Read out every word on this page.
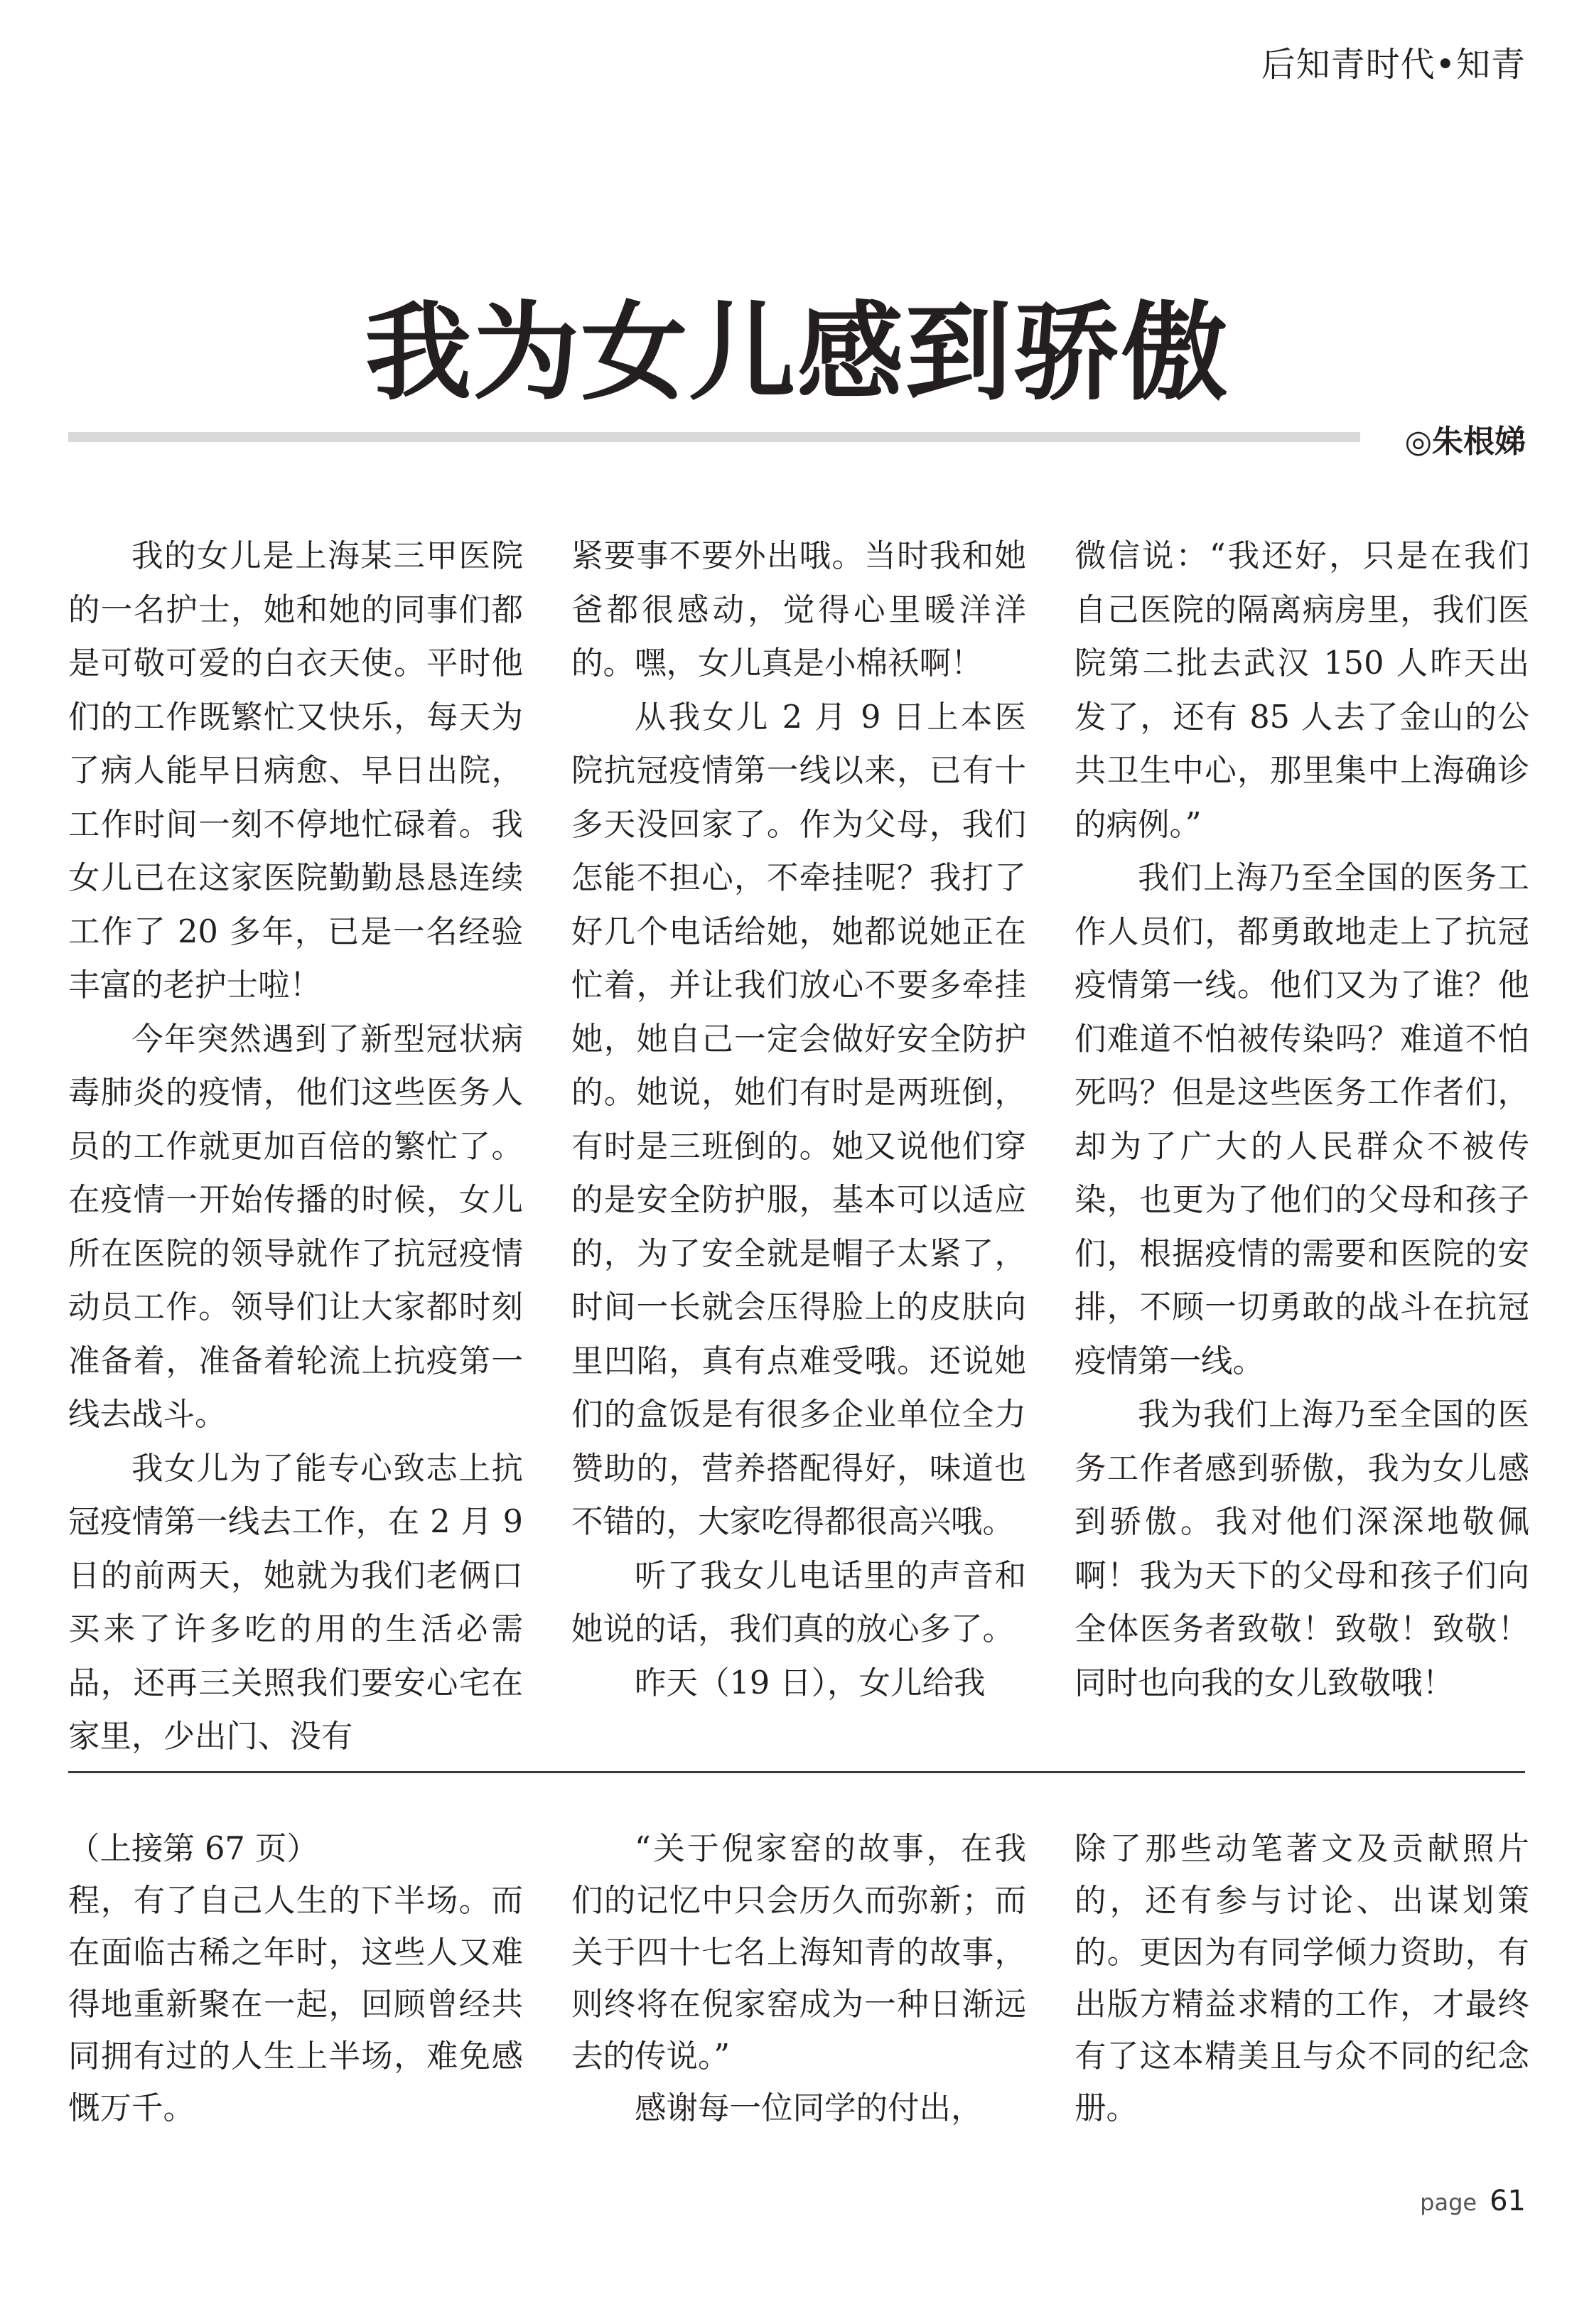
后知青时代•知青
我为女儿感到骄傲
◎朱根娣

我的女儿是上海某三甲医院的一名护士，她和她的同事们都是可敬可爱的白衣天使。平时他们的工作既繁忙又快乐，每天为了病人能早日病愈、早日出院，工作时间一刻不停地忙碌着。我女儿已在这家医院勤勤恳恳连续工作了 20 多年，已是一名经验丰富的老护士啦！

今年突然遇到了新型冠状病毒肺炎的疫情，他们这些医务人员的工作就更加百倍的繁忙了。在疫情一开始传播的时候，女儿所在医院的领导就作了抗冠疫情动员工作。领导们让大家都时刻准备着，准备着轮流上抗疫第一线去战斗。

我女儿为了能专心致志上抗冠疫情第一线去工作，在 2 月 9 日的前两天，她就为我们老俩口买来了许多吃的用的生活必需品，还再三关照我们要安心宅在家里，少出门、没有

紧要事不要外出哦。当时我和她爸都很感动，觉得心里暖洋洋的。嘿，女儿真是小棉袄啊！

从我女儿 2 月 9 日上本医院抗冠疫情第一线以来，已有十多天没回家了。作为父母，我们怎能不担心，不牵挂呢？我打了好几个电话给她，她都说她正在忙着，并让我们放心不要多牵挂她，她自己一定会做好安全防护的。她说，她们有时是两班倒，有时是三班倒的。她又说他们穿的是安全防护服，基本可以适应的，为了安全就是帽子太紧了，时间一长就会压得脸上的皮肤向里凹陷，真有点难受哦。还说她们的盒饭是有很多企业单位全力赞助的，营养搭配得好，味道也不错的，大家吃得都很高兴哦。

听了我女儿电话里的声音和她说的话，我们真的放心多了。

昨天（19 日），女儿给我

微信说：“我还好，只是在我们自己医院的隔离病房里，我们医院第二批去武汉 150 人昨天出发了，还有 85 人去了金山的公共卫生中心，那里集中上海确诊的病例。”

我们上海乃至全国的医务工作人员们，都勇敢地走上了抗冠疫情第一线。他们又为了谁？他们难道不怕被传染吗？难道不怕死吗？但是这些医务工作者们，却为了广大的人民群众不被传染，也更为了他们的父母和孩子们，根据疫情的需要和医院的安排，不顾一切勇敢的战斗在抗冠疫情第一线。

我为我们上海乃至全国的医务工作者感到骄傲，我为女儿感到骄傲。我对他们深深地敬佩啊！我为天下的父母和孩子们向全体医务者致敬！致敬！致敬！同时也向我的女儿致敬哦！

（上接第 67 页）

程，有了自己人生的下半场。而在面临古稀之年时，这些人又难得地重新聚在一起，回顾曾经共同拥有过的人生上半场，难免感慨万千。

“关于倪家窑的故事，在我们的记忆中只会历久而弥新；而关于四十七名上海知青的故事，则终将在倪家窑成为一种日渐远去的传说。”

感谢每一位同学的付出，

除了那些动笔著文及贡献照片的，还有参与讨论、出谋划策的。更因为有同学倾力资助，有出版方精益求精的工作，才最终有了这本精美且与众不同的纪念册。

page 61
